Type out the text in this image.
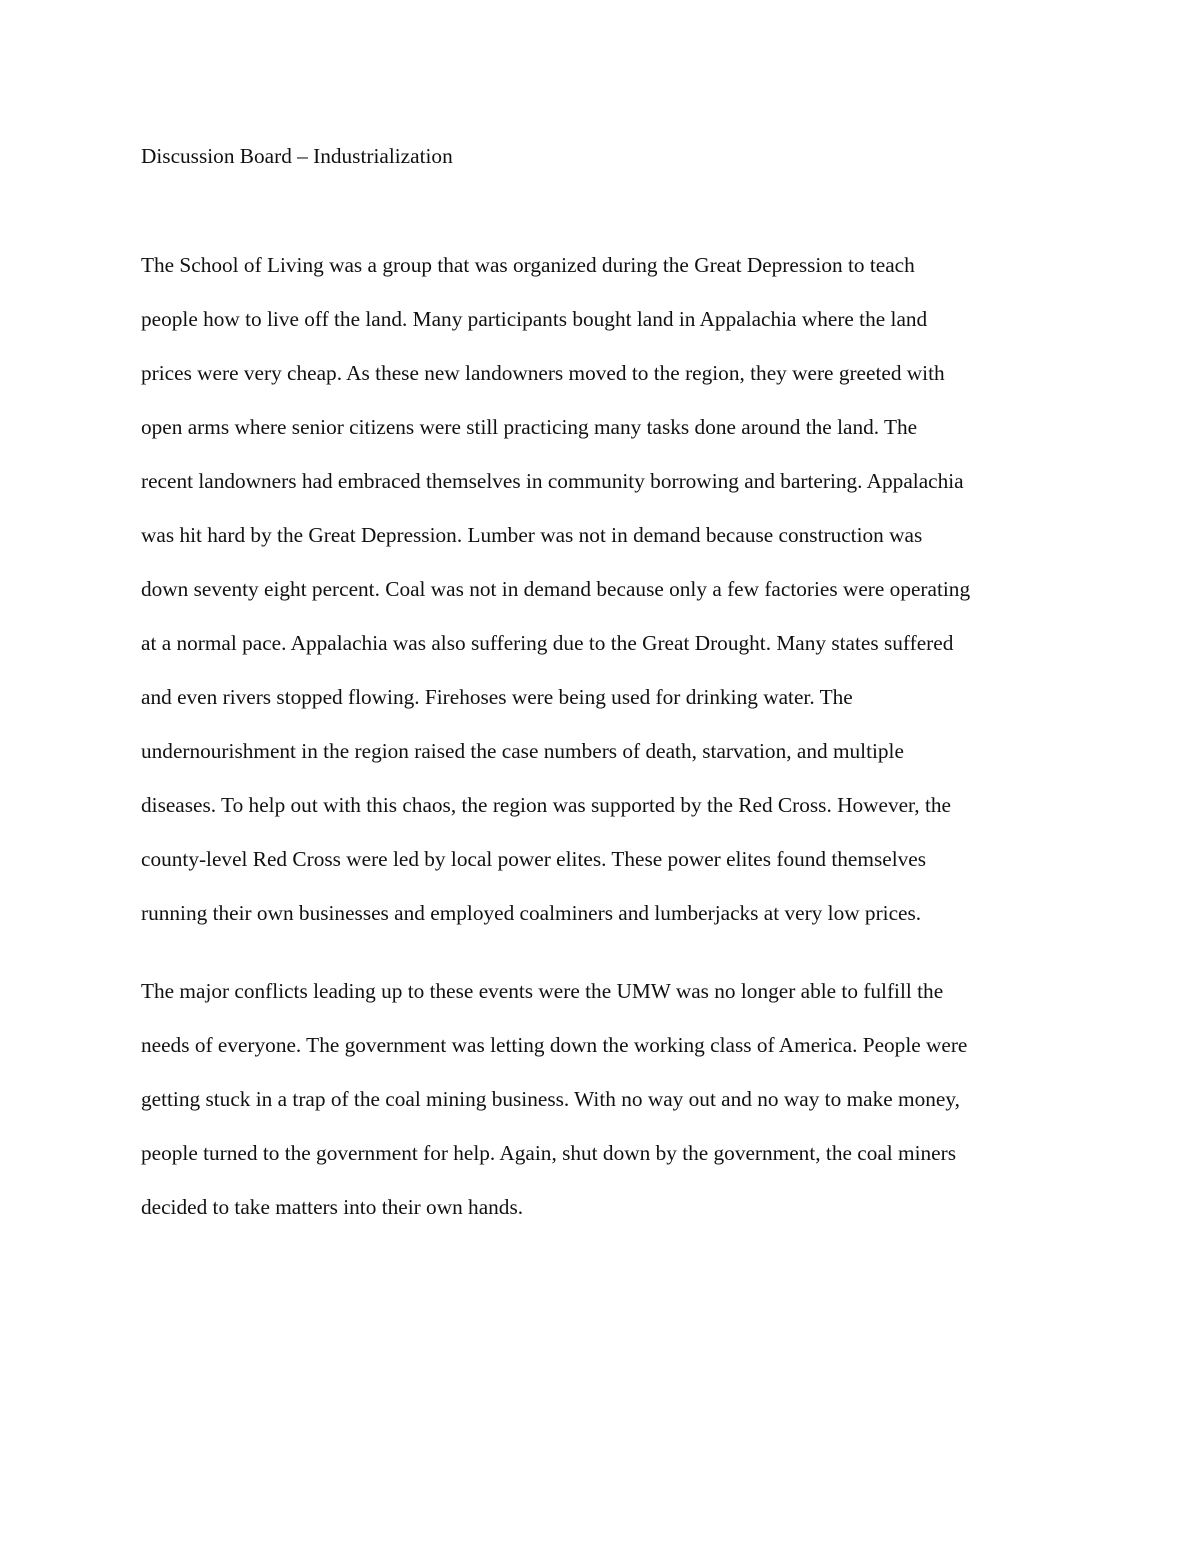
Discussion Board – Industrialization
The School of Living was a group that was organized during the Great Depression to teach
people how to live off the land. Many participants bought land in Appalachia where the land
prices were very cheap. As these new landowners moved to the region, they were greeted with
open arms where senior citizens were still practicing many tasks done around the land. The
recent landowners had embraced themselves in community borrowing and bartering. Appalachia
was hit hard by the Great Depression. Lumber was not in demand because construction was
down seventy eight percent. Coal was not in demand because only a few factories were operating
at a normal pace. Appalachia was also suffering due to the Great Drought. Many states suffered
and even rivers stopped flowing. Firehoses were being used for drinking water. The
undernourishment in the region raised the case numbers of death, starvation, and multiple
diseases. To help out with this chaos, the region was supported by the Red Cross. However, the
county-level Red Cross were led by local power elites. These power elites found themselves
running their own businesses and employed coalminers and lumberjacks at very low prices.
The major conflicts leading up to these events were the UMW was no longer able to fulfill the
needs of everyone. The government was letting down the working class of America. People were
getting stuck in a trap of the coal mining business. With no way out and no way to make money,
people turned to the government for help. Again, shut down by the government, the coal miners
decided to take matters into their own hands.
